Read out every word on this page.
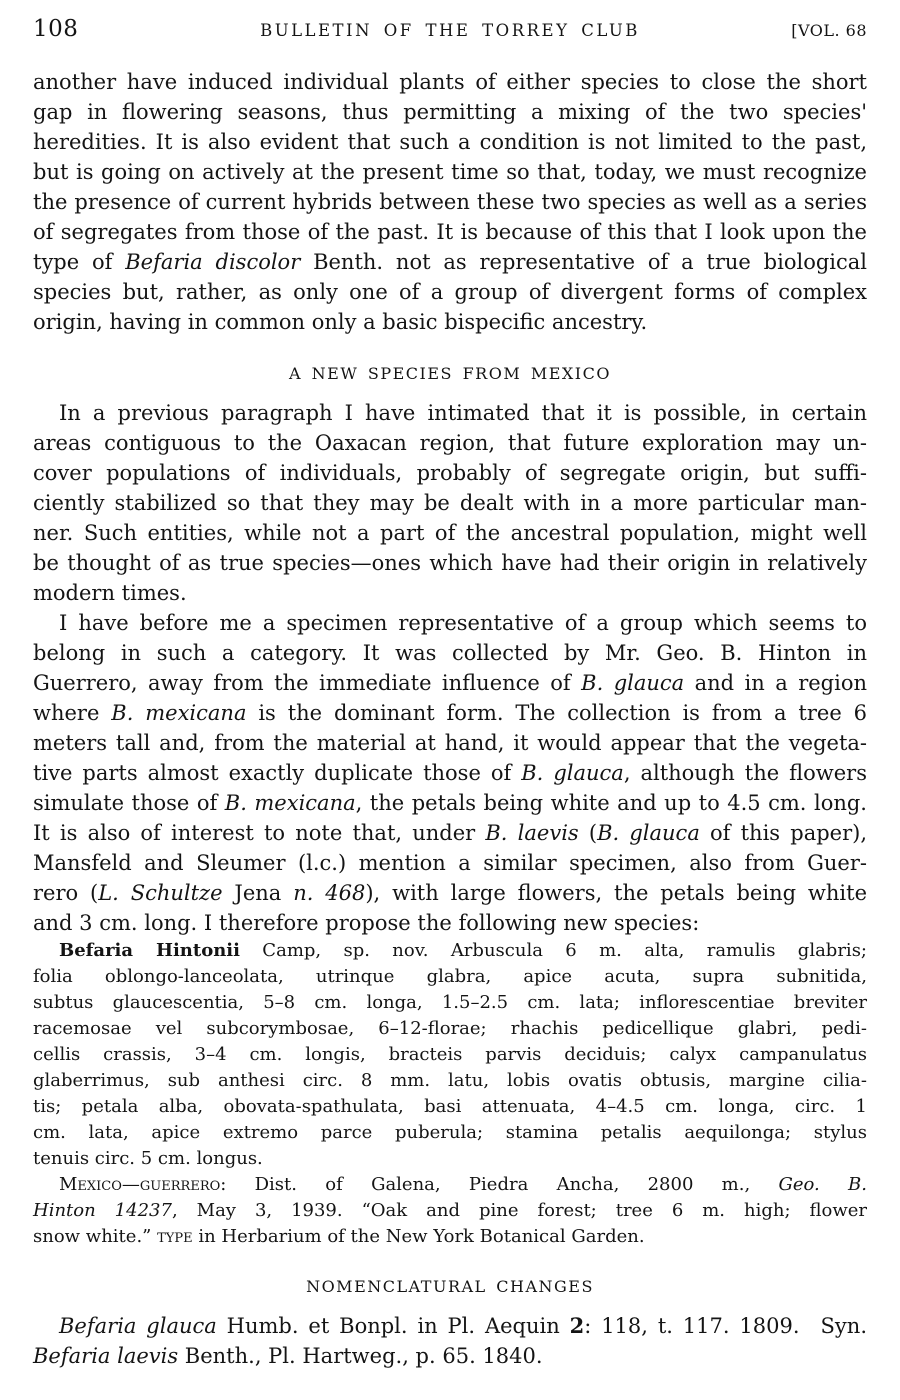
108	BULLETIN OF THE TORREY CLUB	[VOL. 68
another have induced individual plants of either species to close the short
gap in flowering seasons, thus permitting a mixing of the two species'
heredities. It is also evident that such a condition is not limited to the past,
but is going on actively at the present time so that, today, we must recognize
the presence of current hybrids between these two species as well as a series
of segregates from those of the past. It is because of this that I look upon the
type of Befaria discolor Benth. not as representative of a true biological
species but, rather, as only one of a group of divergent forms of complex
origin, having in common only a basic bispecific ancestry.
A NEW SPECIES FROM MEXICO
In a previous paragraph I have intimated that it is possible, in certain
areas contiguous to the Oaxacan region, that future exploration may un-
cover populations of individuals, probably of segregate origin, but suffi-
ciently stabilized so that they may be dealt with in a more particular man-
ner. Such entities, while not a part of the ancestral population, might well
be thought of as true species—ones which have had their origin in relatively
modern times.
I have before me a specimen representative of a group which seems to
belong in such a category. It was collected by Mr. Geo. B. Hinton in
Guerrero, away from the immediate influence of B. glauca and in a region
where B. mexicana is the dominant form. The collection is from a tree 6
meters tall and, from the material at hand, it would appear that the vegeta-
tive parts almost exactly duplicate those of B. glauca, although the flowers
simulate those of B. mexicana, the petals being white and up to 4.5 cm. long.
It is also of interest to note that, under B. laevis (B. glauca of this paper),
Mansfeld and Sleumer (l.c.) mention a similar specimen, also from Guer-
rero (L. Schultze Jena n. 468), with large flowers, the petals being white
and 3 cm. long. I therefore propose the following new species:
Befaria Hintonii Camp, sp. nov. Arbuscula 6 m. alta, ramulis glabris;
folia oblongo-lanceolata, utrinque glabra, apice acuta, supra subnitida,
subtus glaucescentia, 5–8 cm. longa, 1.5–2.5 cm. lata; inflorescentiae breviter
racemosae vel subcorymbosae, 6–12-florae; rhachis pedicellique glabri, pedi-
cellis crassis, 3–4 cm. longis, bracteis parvis deciduis; calyx campanulatus
glaberrimus, sub anthesi circ. 8 mm. latu, lobis ovatis obtusis, margine cilia-
tis; petala alba, obovata-spathulata, basi attenuata, 4–4.5 cm. longa, circ. 1
cm. lata, apice extremo parce puberula; stamina petalis aequilonga; stylus
tenuis circ. 5 cm. longus.
Mexico—guerrero: Dist. of Galena, Piedra Ancha, 2800 m., Geo. B.
Hinton 14237, May 3, 1939. “Oak and pine forest; tree 6 m. high; flower
snow white.” type in Herbarium of the New York Botanical Garden.
NOMENCLATURAL CHANGES
Befaria glauca Humb. et Bonpl. in Pl. Aequin 2: 118, t. 117. 1809. Syn.
Befaria laevis Benth., Pl. Hartweg., p. 65. 1840.
